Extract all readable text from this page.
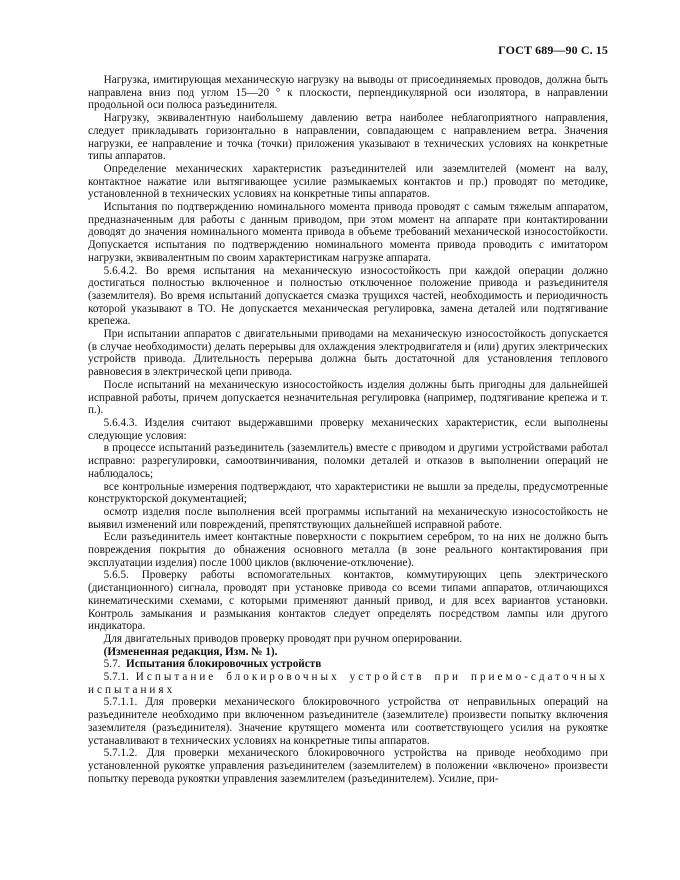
ГОСТ 689—90 С. 15

Нагрузка, имитирующая механическую нагрузку на выводы от присоединяемых проводов, должна быть направлена вниз под углом 15—20 ° к плоскости, перпендикулярной оси изолятора, в направлении продольной оси полюса разъединителя.

Нагрузку, эквивалентную наибольшему давлению ветра наиболее неблагоприятного направления, следует прикладывать горизонтально в направлении, совпадающем с направлением ветра. Значения нагрузки, ее направление и точка (точки) приложения указывают в технических условиях на конкретные типы аппаратов.

Определение механических характеристик разъединителей или заземлителей (момент на валу, контактное нажатие или вытягивающее усилие размыкаемых контактов и пр.) проводят по методике, установленной в технических условиях на конкретные типы аппаратов.

Испытания по подтверждению номинального момента привода проводят с самым тяжелым аппаратом, предназначенным для работы с данным приводом, при этом момент на аппарате при контактировании доводят до значения номинального момента привода в объеме требований механической износостойкости. Допускается испытания по подтверждению номинального момента привода проводить с имитатором нагрузки, эквивалентным по своим характеристикам нагрузке аппарата.

5.6.4.2. Во время испытания на механическую износостойкость при каждой операции должно достигаться полностью включенное и полностью отключенное положение привода и разъединителя (заземлителя). Во время испытаний допускается смазка трущихся частей, необходимость и периодичность которой указывают в ТО. Не допускается механическая регулировка, замена деталей или подтягивание крепежа.

При испытании аппаратов с двигательными приводами на механическую износостойкость допускается (в случае необходимости) делать перерывы для охлаждения электродвигателя и (или) других электрических устройств привода. Длительность перерыва должна быть достаточной для установления теплового равновесия в электрической цепи привода.

После испытаний на механическую износостойкость изделия должны быть пригодны для дальнейшей исправной работы, причем допускается незначительная регулировка (например, подтягивание крепежа и т. п.).

5.6.4.3. Изделия считают выдержавшими проверку механических характеристик, если выполнены следующие условия:

в процессе испытаний разъединитель (заземлитель) вместе с приводом и другими устройствами работал исправно: разрегулировки, самоотвинчивания, поломки деталей и отказов в выполнении операций не наблюдалось;

все контрольные измерения подтверждают, что характеристики не вышли за пределы, предусмотренные конструкторской документацией;

осмотр изделия после выполнения всей программы испытаний на механическую износостойкость не выявил изменений или повреждений, препятствующих дальнейшей исправной работе.

Если разъединитель имеет контактные поверхности с покрытием серебром, то на них не должно быть повреждения покрытия до обнажения основного металла (в зоне реального контактирования при эксплуатации изделия) после 1000 циклов (включение-отключение).

5.6.5. Проверку работы вспомогательных контактов, коммутирующих цепь электрического (дистанционного) сигнала, проводят при установке привода со всеми типами аппаратов, отличающихся кинематическими схемами, с которыми применяют данный привод, и для всех вариантов установки. Контроль замыкания и размыкания контактов следует определять посредством лампы или другого индикатора.

Для двигательных приводов проверку проводят при ручном оперировании.

(Измененная редакция, Изм. № 1).

5.7. Испытания блокировочных устройств

5.7.1. Испытание блокировочных устройств при приемо-сдаточных испытаниях

5.7.1.1. Для проверки механического блокировочного устройства от неправильных операций на разъединителе необходимо при включенном разъединителе (заземлителе) произвести попытку включения заземлителя (разъединителя). Значение крутящего момента или соответствующего усилия на рукоятке устанавливают в технических условиях на конкретные типы аппаратов.

5.7.1.2. Для проверки механического блокировочного устройства на приводе необходимо при установленной рукоятке управления разъединителем (заземлителем) в положении «включено» произвести попытку перевода рукоятки управления заземлителем (разъединителем). Усилие, при-
